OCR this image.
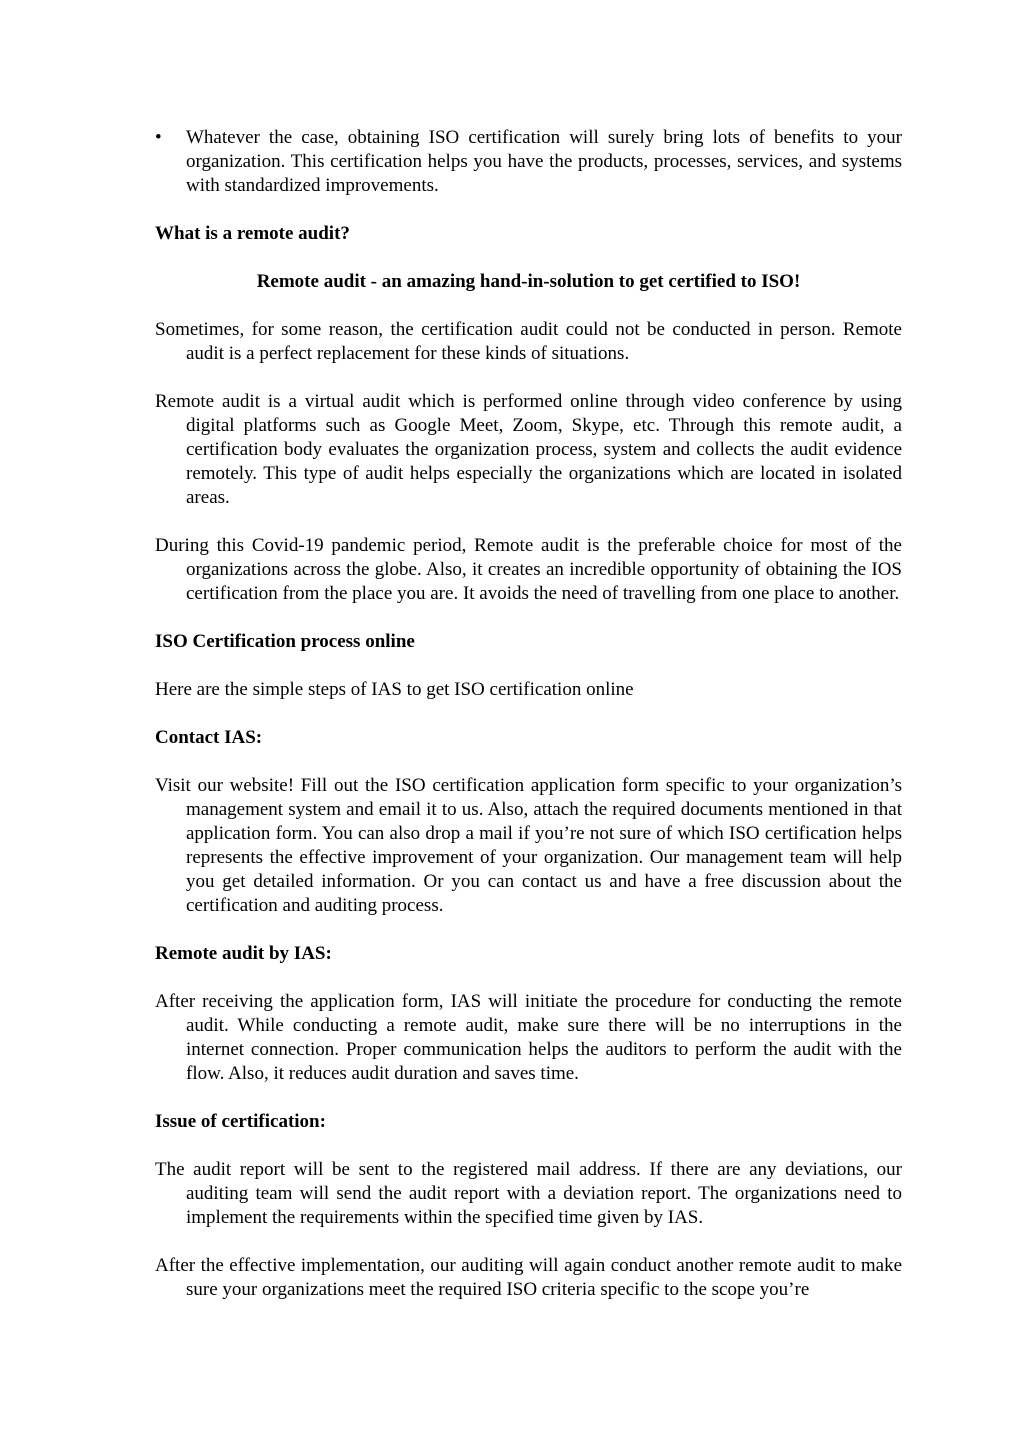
• Whatever the case, obtaining ISO certification will surely bring lots of benefits to your organization. This certification helps you have the products, processes, services, and systems with standardized improvements.
What is a remote audit?
Remote audit - an amazing hand-in-solution to get certified to ISO!

Sometimes, for some reason, the certification audit could not be conducted in person. Remote audit is a perfect replacement for these kinds of situations.

Remote audit is a virtual audit which is performed online through video conference by using digital platforms such as Google Meet, Zoom, Skype, etc. Through this remote audit, a certification body evaluates the organization process, system and collects the audit evidence remotely. This type of audit helps especially the organizations which are located in isolated areas.

During this Covid-19 pandemic period, Remote audit is the preferable choice for most of the organizations across the globe. Also, it creates an incredible opportunity of obtaining the IOS certification from the place you are. It avoids the need of travelling from one place to another.

ISO Certification process online

Here are the simple steps of IAS to get ISO certification online

Contact IAS:

Visit our website! Fill out the ISO certification application form specific to your organization’s management system and email it to us. Also, attach the required documents mentioned in that application form. You can also drop a mail if you’re not sure of which ISO certification helps represents the effective improvement of your organization. Our management team will help you get detailed information. Or you can contact us and have a free discussion about the certification and auditing process.

Remote audit by IAS:

After receiving the application form, IAS will initiate the procedure for conducting the remote audit. While conducting a remote audit, make sure there will be no interruptions in the internet connection. Proper communication helps the auditors to perform the audit with the flow. Also, it reduces audit duration and saves time.

Issue of certification:

The audit report will be sent to the registered mail address. If there are any deviations, our auditing team will send the audit report with a deviation report. The organizations need to implement the requirements within the specified time given by IAS.

After the effective implementation, our auditing will again conduct another remote audit to make sure your organizations meet the required ISO criteria specific to the scope you’re
